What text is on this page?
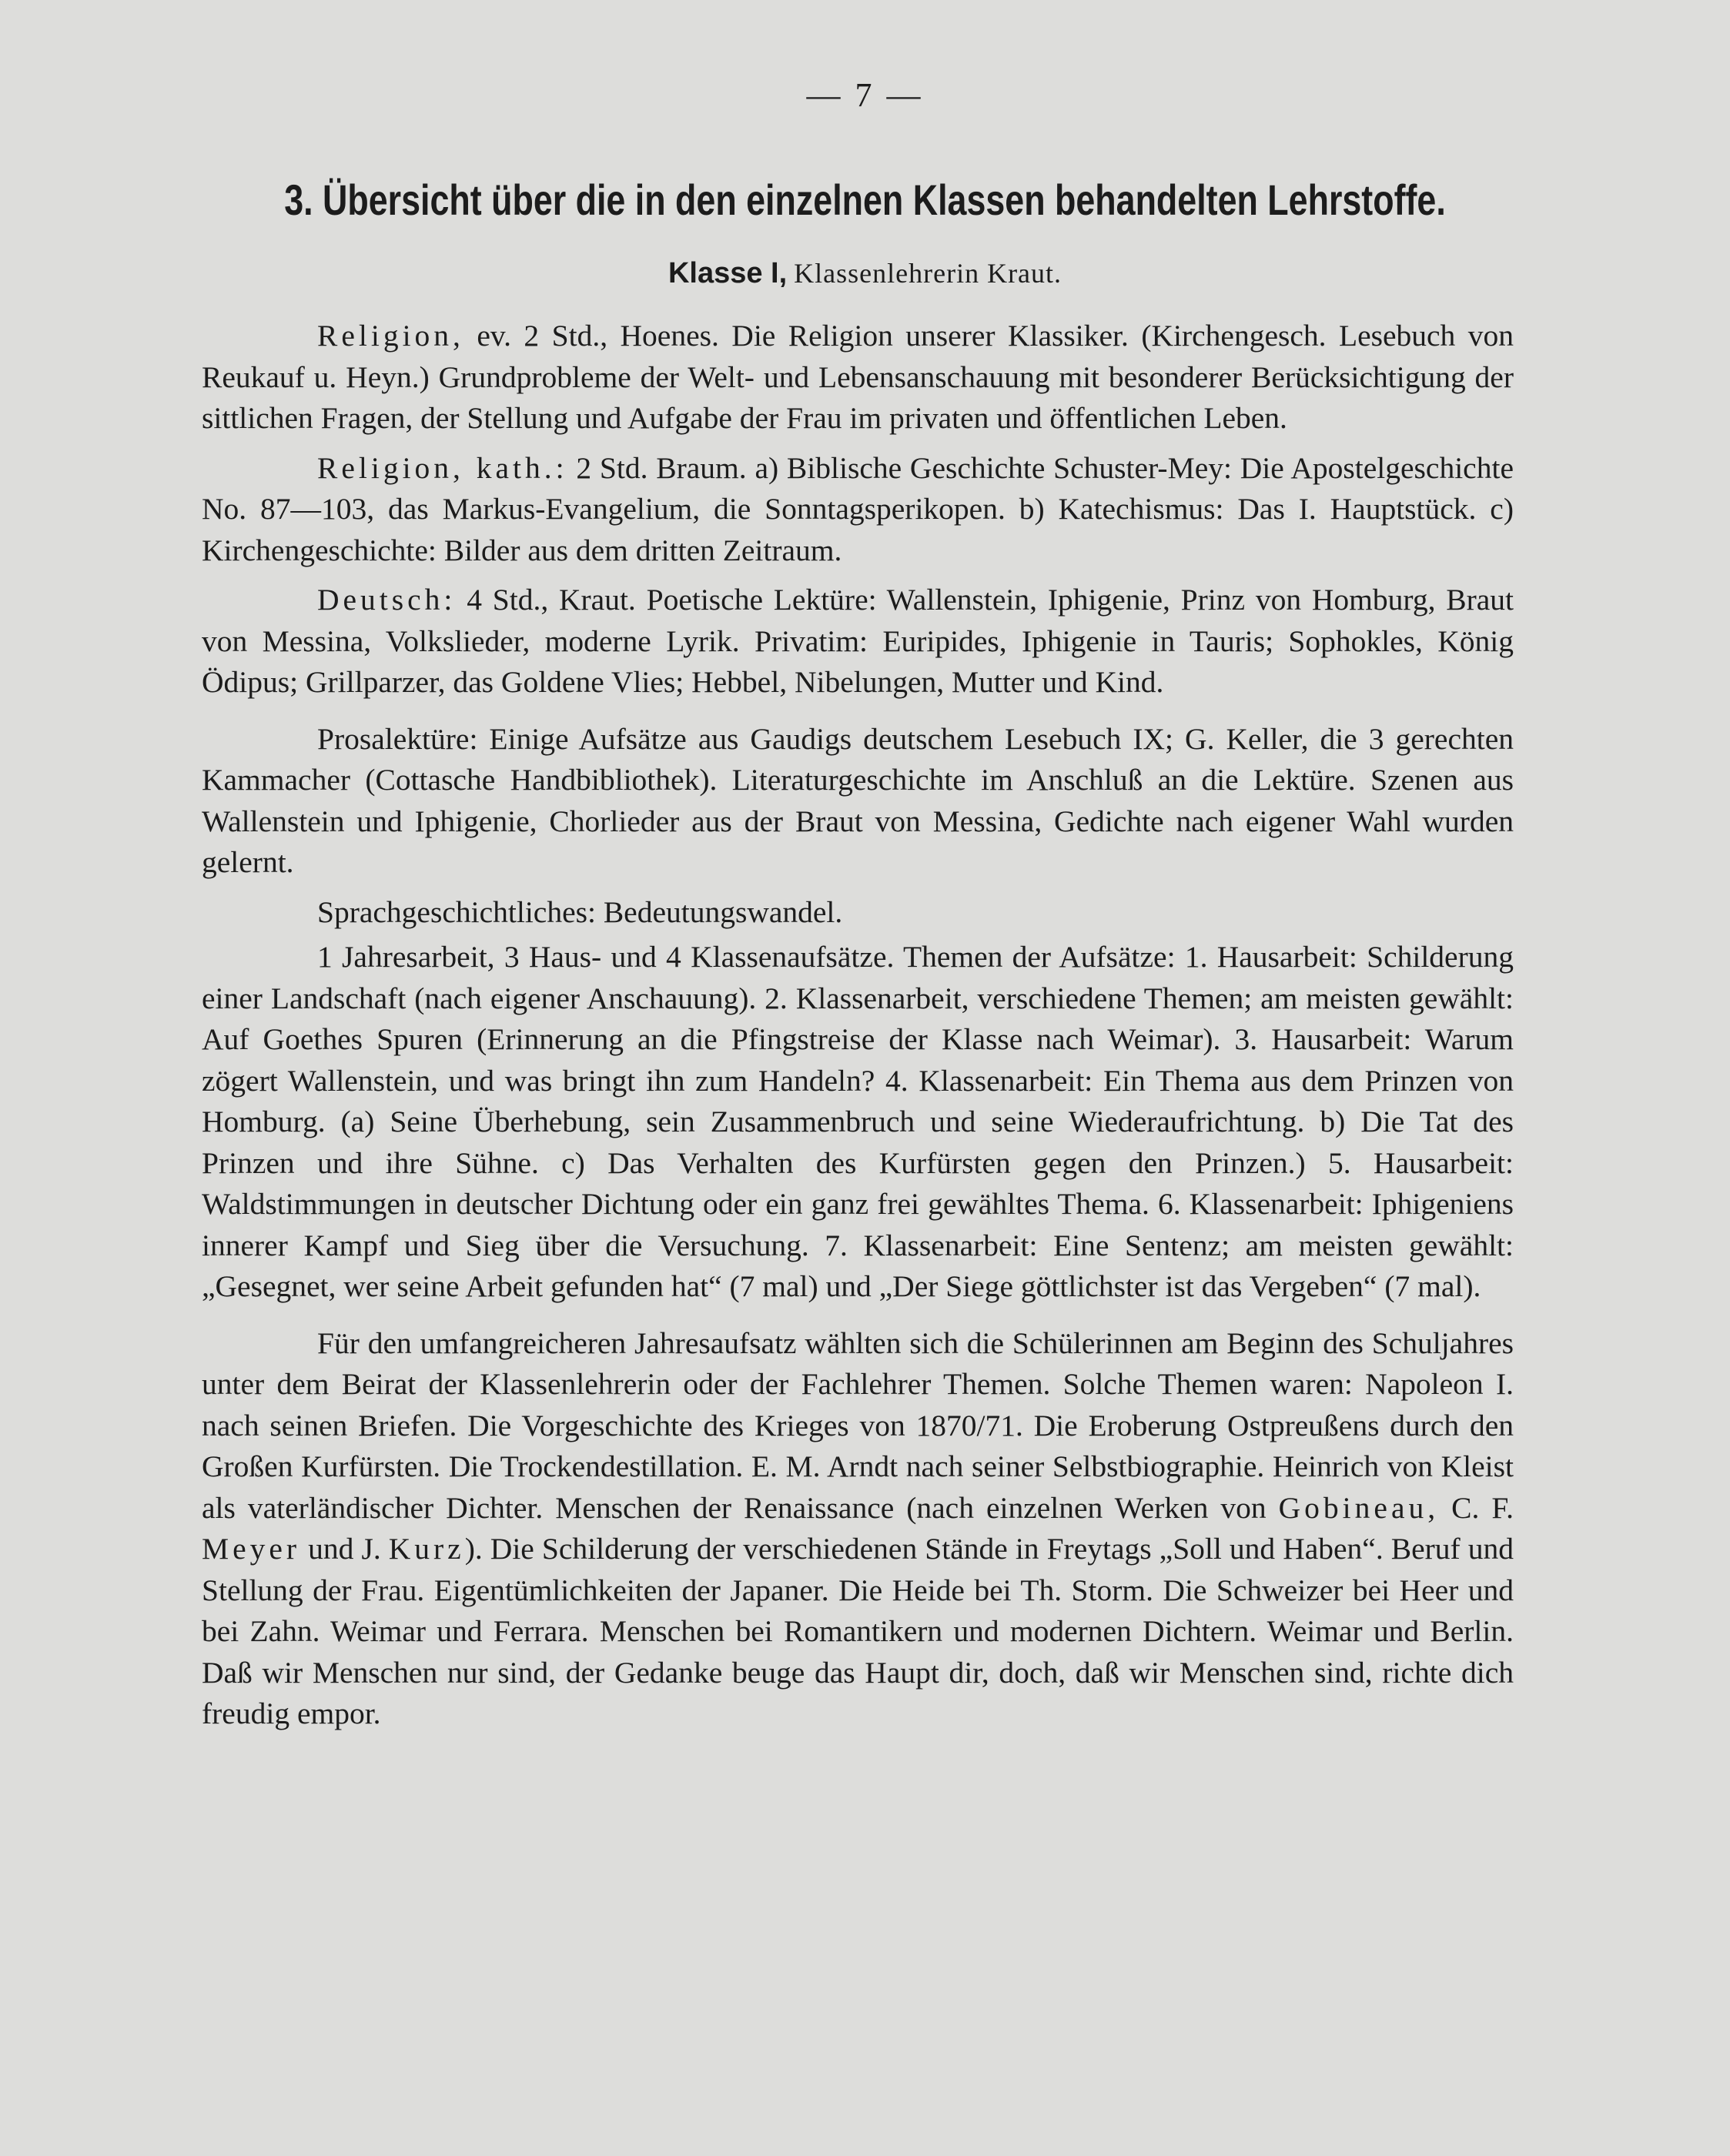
— 7 —
3. Übersicht über die in den einzelnen Klassen behandelten Lehrstoffe.
Klasse I, Klassenlehrerin Kraut.

Religion, ev. 2 Std., Hoenes. Die Religion unserer Klassiker. (Kirchengesch. Lesebuch von Reukauf u. Heyn.) Grundprobleme der Welt- und Lebensanschauung mit besonderer Berücksichtigung der sittlichen Fragen, der Stellung und Aufgabe der Frau im privaten und öffentlichen Leben.

Religion, kath.: 2 Std. Braum. a) Biblische Geschichte Schuster-Mey: Die Apostelgeschichte No. 87—103, das Markus-Evangelium, die Sonntagsperikopen. b) Katechismus: Das I. Hauptstück. c) Kirchengeschichte: Bilder aus dem dritten Zeitraum.

Deutsch: 4 Std., Kraut. Poetische Lektüre: Wallenstein, Iphigenie, Prinz von Homburg, Braut von Messina, Volkslieder, moderne Lyrik. Privatim: Euripides, Iphigenie in Tauris; Sophokles, König Ödipus; Grillparzer, das Goldene Vlies; Hebbel, Nibelungen, Mutter und Kind.

Prosalektüre: Einige Aufsätze aus Gaudigs deutschem Lesebuch IX; G. Keller, die 3 gerechten Kammacher (Cottasche Handbibliothek). Literaturgeschichte im Anschluß an die Lektüre. Szenen aus Wallenstein und Iphigenie, Chorlieder aus der Braut von Messina, Gedichte nach eigener Wahl wurden gelernt.

Sprachgeschichtliches: Bedeutungswandel.

1 Jahresarbeit, 3 Haus- und 4 Klassenaufsätze. Themen der Aufsätze: 1. Hausarbeit: Schilderung einer Landschaft (nach eigener Anschauung). 2. Klassenarbeit, verschiedene Themen; am meisten gewählt: Auf Goethes Spuren (Erinnerung an die Pfingstreise der Klasse nach Weimar). 3. Hausarbeit: Warum zögert Wallenstein, und was bringt ihn zum Handeln? 4. Klassenarbeit: Ein Thema aus dem Prinzen von Homburg. (a) Seine Überhebung, sein Zusammenbruch und seine Wiederaufrichtung. b) Die Tat des Prinzen und ihre Sühne. c) Das Verhalten des Kurfürsten gegen den Prinzen.) 5. Hausarbeit: Waldstimmungen in deutscher Dichtung oder ein ganz frei gewähltes Thema. 6. Klassenarbeit: Iphigeniens innerer Kampf und Sieg über die Versuchung. 7. Klassenarbeit: Eine Sentenz; am meisten gewählt: „Gesegnet, wer seine Arbeit gefunden hat“ (7 mal) und „Der Siege göttlichster ist das Vergeben“ (7 mal).

Für den umfangreicheren Jahresaufsatz wählten sich die Schülerinnen am Beginn des Schuljahres unter dem Beirat der Klassenlehrerin oder der Fachlehrer Themen. Solche Themen waren: Napoleon I. nach seinen Briefen. Die Vorgeschichte des Krieges von 1870/71. Die Eroberung Ostpreußens durch den Großen Kurfürsten. Die Trockendestillation. E. M. Arndt nach seiner Selbstbiographie. Heinrich von Kleist als vaterländischer Dichter. Menschen der Renaissance (nach einzelnen Werken von Gobineau, C. F. Meyer und J. Kurz). Die Schilderung der verschiedenen Stände in Freytags „Soll und Haben“. Beruf und Stellung der Frau. Eigentümlichkeiten der Japaner. Die Heide bei Th. Storm. Die Schweizer bei Heer und bei Zahn. Weimar und Ferrara. Menschen bei Romantikern und modernen Dichtern. Weimar und Berlin. Daß wir Menschen nur sind, der Gedanke beuge das Haupt dir, doch, daß wir Menschen sind, richte dich freudig empor.
